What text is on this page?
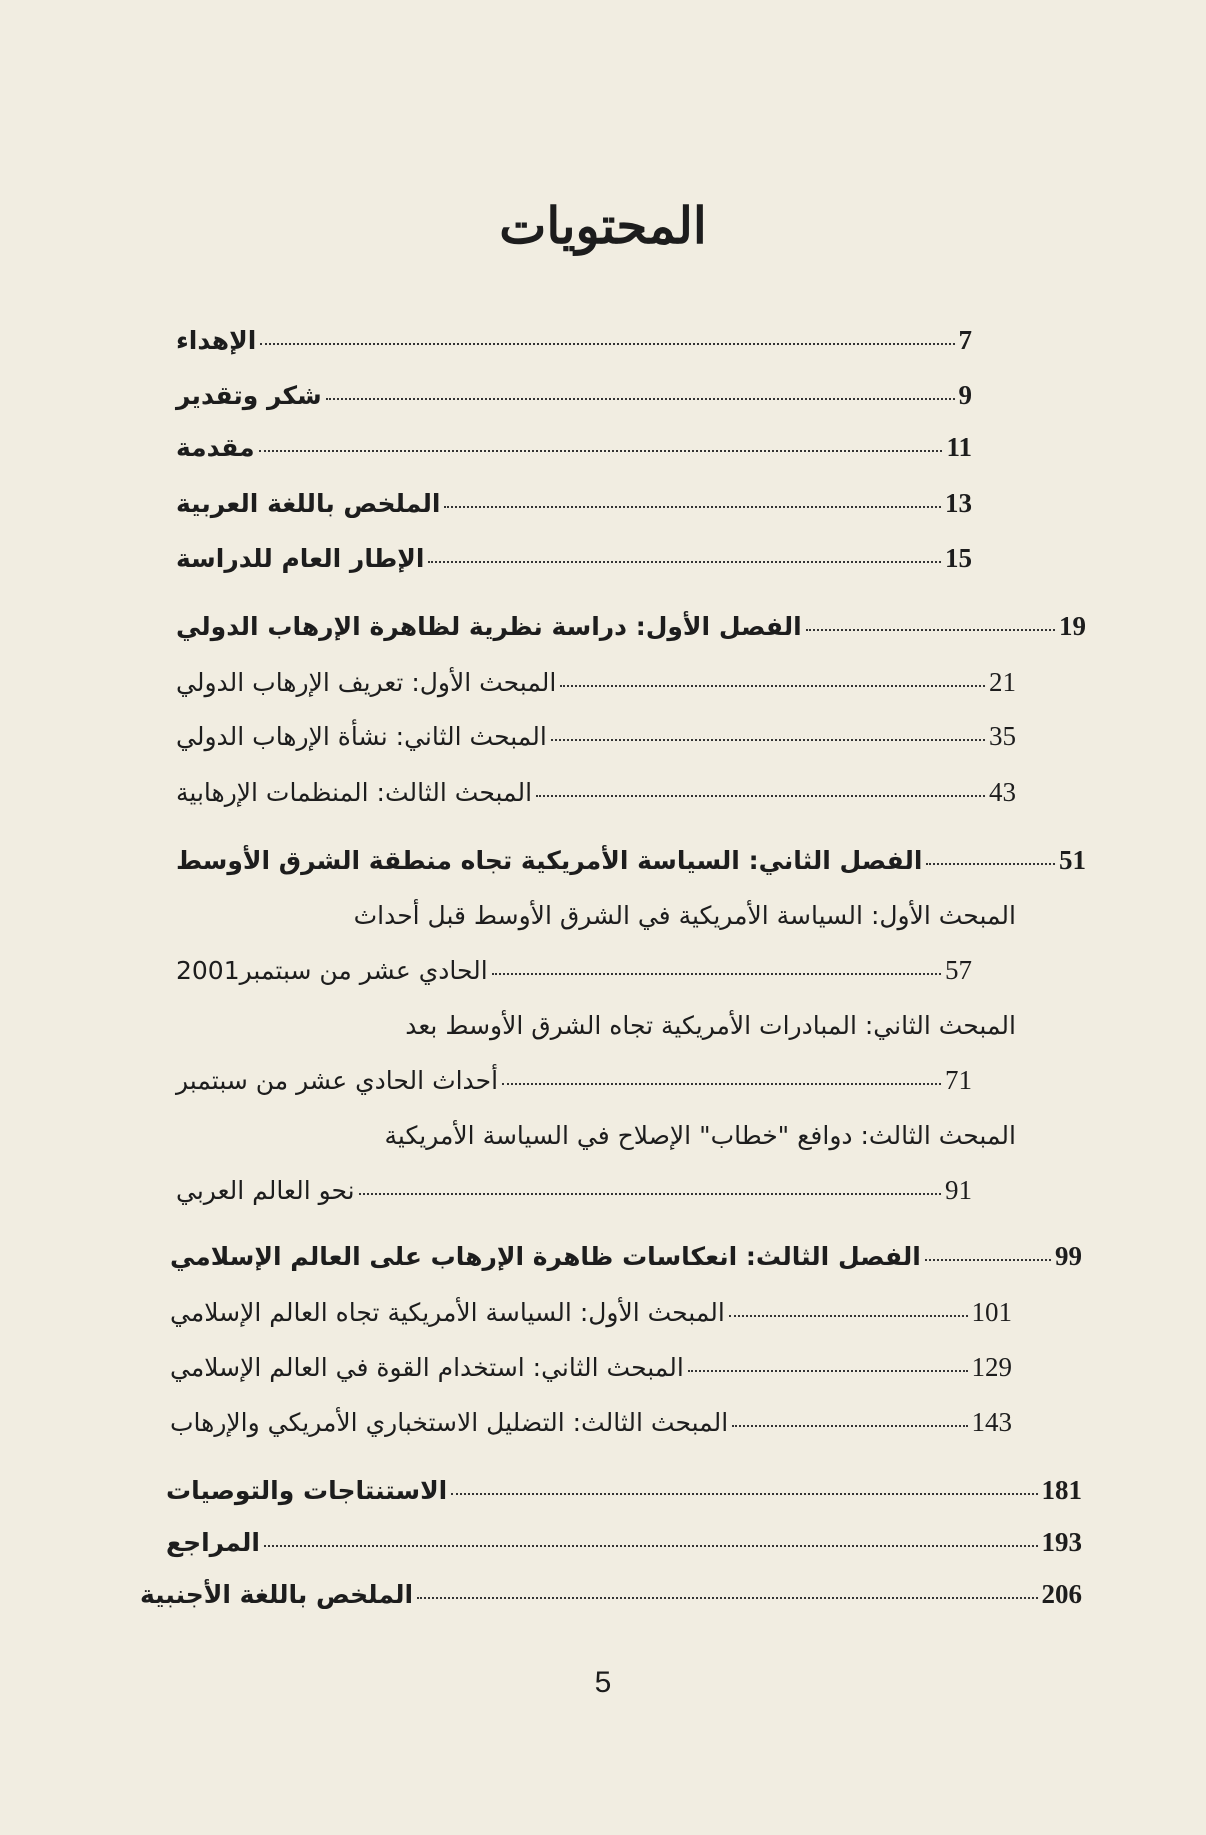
المحتويات
الإهداء	7
شكر وتقدير	9
مقدمة	11
الملخص باللغة العربية	13
الإطار العام للدراسة	15
الفصل الأول: دراسة نظرية لظاهرة الإرهاب الدولي	19
المبحث الأول: تعريف الإرهاب الدولي	21
المبحث الثاني: نشأة الإرهاب الدولي	35
المبحث الثالث: المنظمات الإرهابية	43
الفصل الثاني: السياسة الأمريكية تجاه منطقة الشرق الأوسط	51
المبحث الأول: السياسة الأمريكية في الشرق الأوسط قبل أحداث
الحادي عشر من سبتمبر2001	57
المبحث الثاني: المبادرات الأمريكية تجاه الشرق الأوسط بعد
أحداث الحادي عشر من سبتمبر	71
المبحث الثالث: دوافع "خطاب" الإصلاح في السياسة الأمريكية
نحو العالم العربي	91
الفصل الثالث: انعكاسات ظاهرة الإرهاب على العالم الإسلامي	99
المبحث الأول: السياسة الأمريكية تجاه العالم الإسلامي	101
المبحث الثاني: استخدام القوة في العالم الإسلامي	129
المبحث الثالث: التضليل الاستخباري الأمريكي والإرهاب	143
الاستنتاجات والتوصيات	181
المراجع	193
الملخص باللغة الأجنبية	206
5
